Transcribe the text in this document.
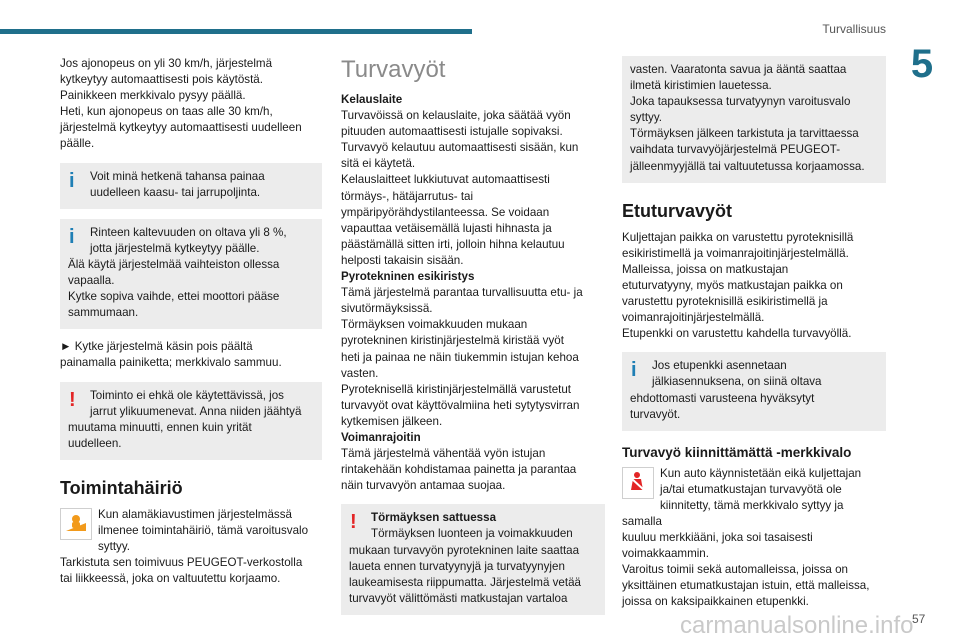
Turvallisuus
5
57
carmanualsonline.info

Jos ajonopeus on yli 30 km/h, järjestelmä
kytkeytyy automaattisesti pois käytöstä.
Painikkeen merkkivalo pysyy päällä.
Heti, kun ajonopeus on taas alle 30 km/h,
järjestelmä kytkeytyy automaattisesti uudelleen
päälle.

i	Voit minä hetkenä tahansa painaa
uudelleen kaasu- tai jarrupoljinta.
i	Rinteen kaltevuuden on oltava yli 8 %,
jotta järjestelmä kytkeytyy päälle.
Älä käytä järjestelmää vaihteiston ollessa
vapaalla.
Kytke sopiva vaihde, ettei moottori pääse
sammumaan.

► Kytke järjestelmä käsin pois päältä
painamalla painiketta; merkkivalo sammuu.

!	Toiminto ei ehkä ole käytettävissä, jos
jarrut ylikuumenevat. Anna niiden jäähtyä
muutama minuutti, ennen kuin yrität
uudelleen.
Toimintahäiriö

Kun alamäkiavustimen järjestelmässä
ilmenee toimintahäiriö, tämä varoitusvalo
syttyy.
Tarkistuta sen toimivuus PEUGEOT-verkostolla
tai liikkeessä, joka on valtuutettu korjaamo.

Turvavyöt

Kelauslaite

Turvavöissä on kelauslaite, joka säätää vyön
pituuden automaattisesti istujalle sopivaksi.
Turvavyö kelautuu automaattisesti sisään, kun
sitä ei käytetä.
Kelauslaitteet lukkiutuvat automaattisesti
törmäys-, hätäjarrutus- tai
ympäripyörähdystilanteessa. Se voidaan
vapauttaa vetäisemällä lujasti hihnasta ja
päästämällä sitten irti, jolloin hihna kelautuu
helposti takaisin sisään.

Pyrotekninen esikiristys

Tämä järjestelmä parantaa turvallisuutta etu- ja
sivutörmäyksissä.
Törmäyksen voimakkuuden mukaan
pyrotekninen kiristinjärjestelmä kiristää vyöt
heti ja painaa ne näin tiukemmin istujan kehoa
vasten.
Pyroteknisellä kiristinjärjestelmällä varustetut
turvavyöt ovat käyttövalmiina heti sytytysvirran
kytkemisen jälkeen.

Voimanrajoitin

Tämä järjestelmä vähentää vyön istujan
rintakehään kohdistamaa painetta ja parantaa
näin turvavyön antamaa suojaa.

!	Törmäyksen sattuessa
Törmäyksen luonteen ja voimakkuuden
mukaan turvavyön pyrotekninen laite saattaa
laueta ennen turvatyynyjä ja turvatyynyjen
laukeamisesta riippumatta. Järjestelmä vetää
turvavyöt välittömästi matkustajan vartaloa
vasten. Vaaratonta savua ja ääntä saattaa
ilmetä kiristimien lauetessa.
Joka tapauksessa turvatyynyn varoitusvalo
syttyy.
Törmäyksen jälkeen tarkistuta ja tarvittaessa
vaihdata turvavyöjärjestelmä PEUGEOT-
jälleenmyyjällä tai valtuutetussa korjaamossa.
Etuturvavyöt

Kuljettajan paikka on varustettu pyroteknisillä
esikiristimellä ja voimanrajoitinjärjestelmällä.
Malleissa, joissa on matkustajan
etuturvatyyny, myös matkustajan paikka on
varustettu pyroteknisillä esikiristimellä ja
voimanrajoitinjärjestelmällä.
Etupenkki on varustettu kahdella turvavyöllä.

i	Jos etupenkki asennetaan
jälkiasennuksena, on siinä oltava
ehdottomasti varusteena hyväksytyt
turvavyöt.
Turvavyö kiinnittämättä -merkkivalo

Kun auto käynnistetään eikä kuljettajan
ja/tai etumatkustajan turvavyötä ole
kiinnitetty, tämä merkkivalo syttyy ja samalla
kuuluu merkkiääni, joka soi tasaisesti
voimakkaammin.
Varoitus toimii sekä automalleissa, joissa on
yksittäinen etumatkustajan istuin, että malleissa,
joissa on kaksipaikkainen etupenkki.
